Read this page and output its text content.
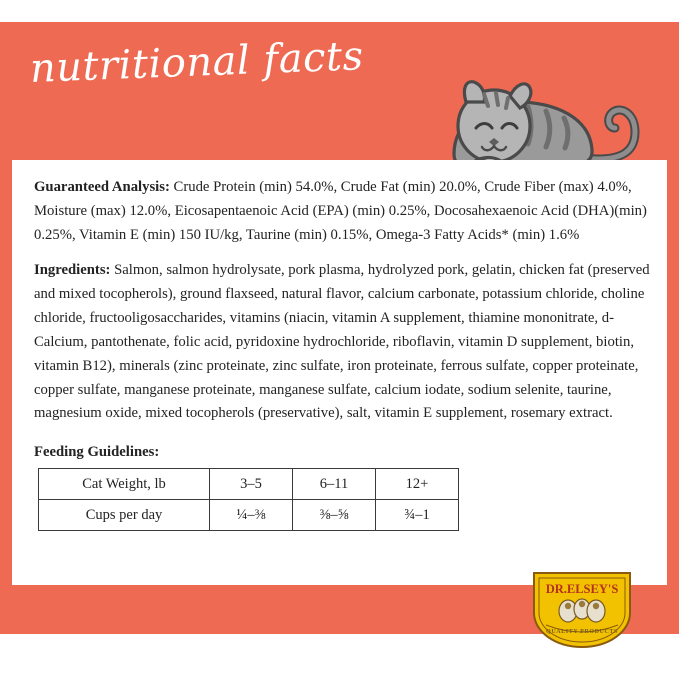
nutritional facts
Guaranteed Analysis: Crude Protein (min) 54.0%, Crude Fat (min) 20.0%, Crude Fiber (max) 4.0%, Moisture (max) 12.0%, Eicosapentaenoic Acid (EPA) (min) 0.25%, Docosahexaenoic Acid (DHA)(min) 0.25%, Vitamin E (min) 150 IU/kg, Taurine (min) 0.15%, Omega-3 Fatty Acids* (min) 1.6%
Ingredients: Salmon, salmon hydrolysate, pork plasma, hydrolyzed pork, gelatin, chicken fat (preserved and mixed tocopherols), ground flaxseed, natural flavor, calcium carbonate, potassium chloride, choline chloride, fructooligosaccharides, vitamins (niacin, vitamin A supplement, thiamine mononitrate, d-Calcium, pantothenate, folic acid, pyridoxine hydrochloride, riboflavin, vitamin D supplement, biotin, vitamin B12), minerals (zinc proteinate, zinc sulfate, iron proteinate, ferrous sulfate, copper proteinate, copper sulfate, manganese proteinate, manganese sulfate, calcium iodate, sodium selenite, taurine, magnesium oxide, mixed tocopherols (preservative), salt, vitamin E supplement, rosemary extract.
Feeding Guidelines:
Cat Weight, lb	3–5	6–11	12+
Cups per day	¼–⅜	⅜–⅝	¾–1
DR.ELSEY'S
QUALITY PRODUCTS
